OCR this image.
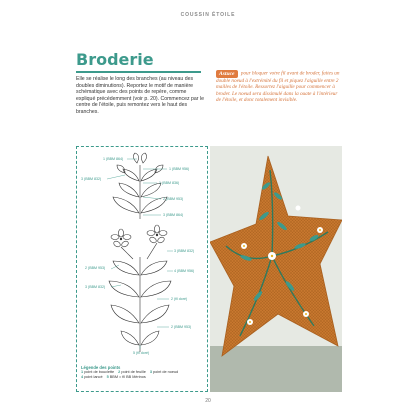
COUSSIN ÉTOILE
Broderie
Elle se réalise le long des branches (au niveau des doubles diminutions). Reportez le motif de manière schématique avec des points de repère, comme expliqué précédemment (voir p. 20). Commencez par le centre de l'étoile, puis remontez vers le haut des branches.
Astuce pour bloquer votre fil avant de broder, faites un double noeud à l'extrémité du fil et piquez l'aiguille entre 2 mailles de l'étoile. Ressortez l'aiguille pour commencer à broder. Le noeud sera dissimulé dans la ouate à l'intérieur de l'étoile, et donc totalement invisible.
1 (BBM 864)
1 (BBM 956)
3 (BBM 832)
1 (BBM 836)
2 (BBM 953)
3 (BBM 864)
3 (BBM 832)
2 (BBM 953)
4 (BBM 956)
3 (BBM 832)
2 (fil doré)
2 (BBM 953)
5 (fil doré)
Légende des points
1 point de bouclette 2 point de feuille 3 point de noeud
4 point lancé 5 BBM = fil BB Mérinos
20
